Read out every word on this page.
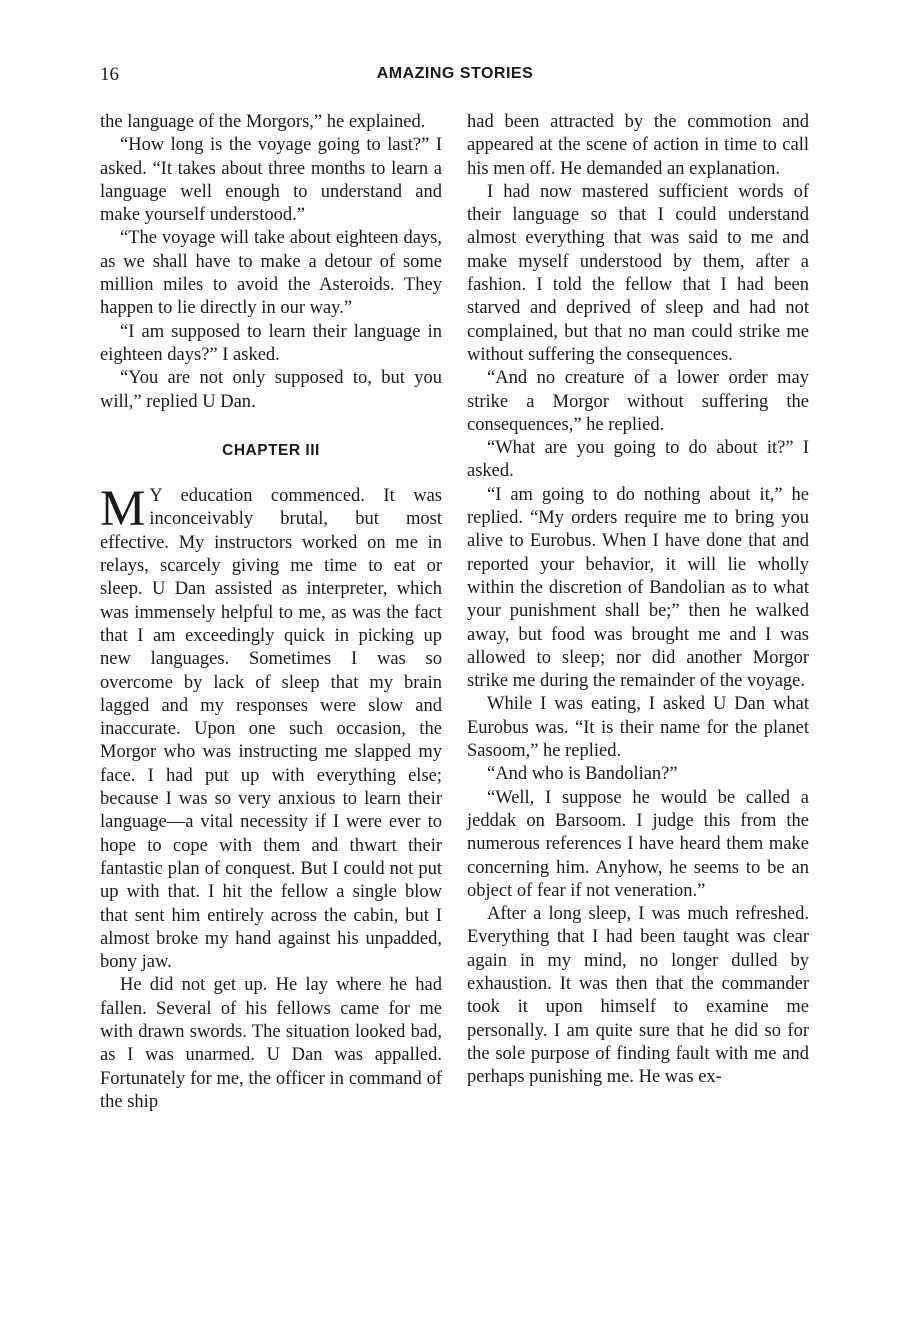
16	AMAZING STORIES

the language of the Morgors,” he explained.

“How long is the voyage going to last?” I asked. “It takes about three months to learn a language well enough to understand and make yourself understood.”

“The voyage will take about eighteen days, as we shall have to make a detour of some million miles to avoid the Asteroids. They happen to lie directly in our way.”

“I am supposed to learn their language in eighteen days?” I asked.

“You are not only supposed to, but you will,” replied U Dan.

CHAPTER III

M Y education commenced. It was inconceivably brutal, but most effective. My instructors worked on me in relays, scarcely giving me time to eat or sleep. U Dan assisted as interpreter, which was immensely helpful to me, as was the fact that I am exceedingly quick in picking up new languages. Sometimes I was so overcome by lack of sleep that my brain lagged and my responses were slow and inaccurate. Upon one such occasion, the Morgor who was instructing me slapped my face. I had put up with everything else; because I was so very anxious to learn their language—a vital necessity if I were ever to hope to cope with them and thwart their fantastic plan of conquest. But I could not put up with that. I hit the fellow a single blow that sent him entirely across the cabin, but I almost broke my hand against his unpadded, bony jaw.

He did not get up. He lay where he had fallen. Several of his fellows came for me with drawn swords. The situation looked bad, as I was unarmed. U Dan was appalled. Fortunately for me, the officer in command of the ship

had been attracted by the commotion and appeared at the scene of action in time to call his men off. He demanded an explanation.

I had now mastered sufficient words of their language so that I could understand almost everything that was said to me and make myself understood by them, after a fashion. I told the fellow that I had been starved and deprived of sleep and had not complained, but that no man could strike me without suffering the consequences.

“And no creature of a lower order may strike a Morgor without suffering the consequences,” he replied.

“What are you going to do about it?” I asked.

“I am going to do nothing about it,” he replied. “My orders require me to bring you alive to Eurobus. When I have done that and reported your behavior, it will lie wholly within the discretion of Bandolian as to what your punishment shall be;” then he walked away, but food was brought me and I was allowed to sleep; nor did another Morgor strike me during the remainder of the voyage.

While I was eating, I asked U Dan what Eurobus was. “It is their name for the planet Sasoom,” he replied.

“And who is Bandolian?”

“Well, I suppose he would be called a jeddak on Barsoom. I judge this from the numerous references I have heard them make concerning him. Anyhow, he seems to be an object of fear if not veneration.”

After a long sleep, I was much refreshed. Everything that I had been taught was clear again in my mind, no longer dulled by exhaustion. It was then that the commander took it upon himself to examine me personally. I am quite sure that he did so for the sole purpose of finding fault with me and perhaps punishing me. He was ex-
